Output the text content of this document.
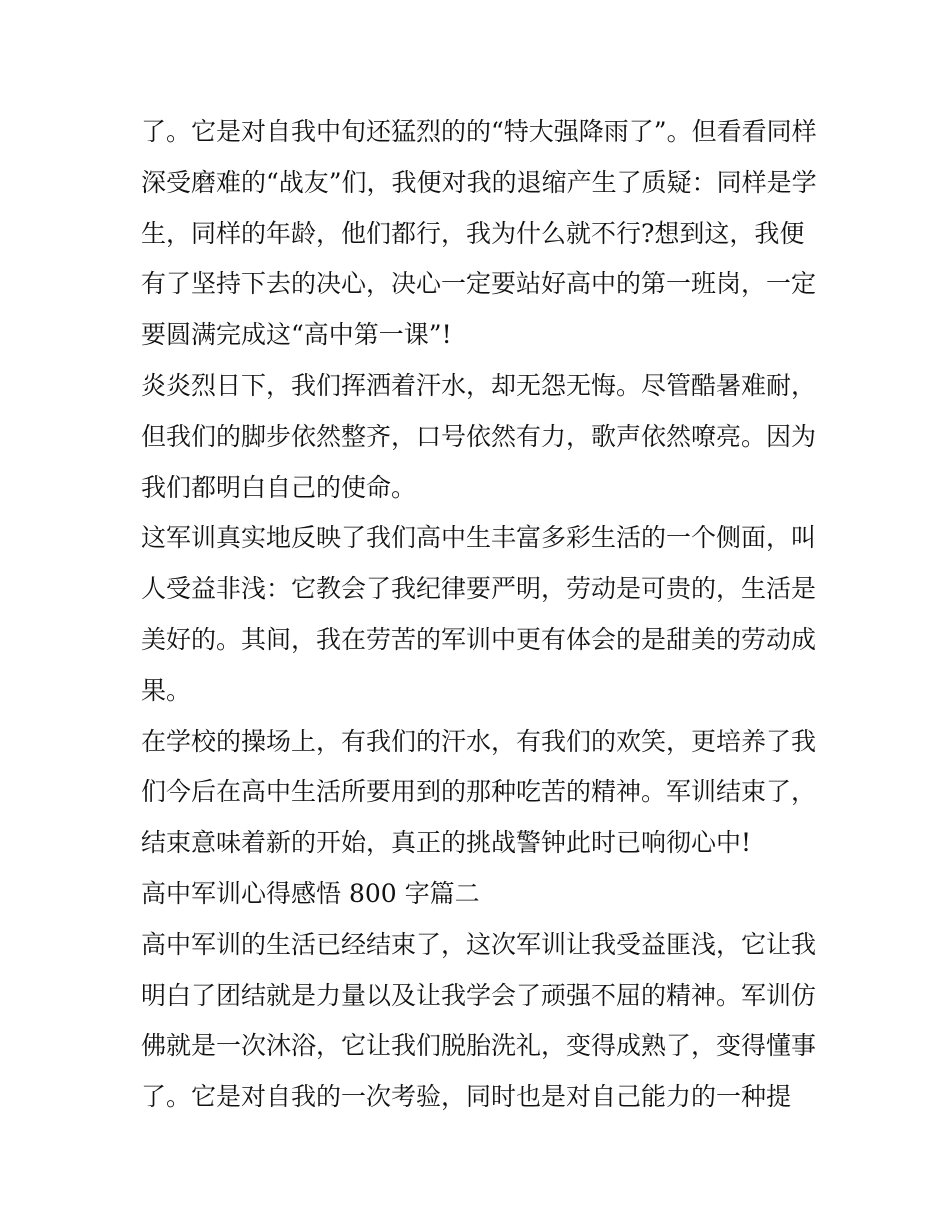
了。它是对自我中旬还猛烈的的“特大强降雨了”。但看看同样
深受磨难的“战友”们，我便对我的退缩产生了质疑：同样是学
生，同样的年龄，他们都行，我为什么就不行?想到这，我便
有了坚持下去的决心，决心一定要站好高中的第一班岗，一定
要圆满完成这“高中第一课”!

炎炎烈日下，我们挥洒着汗水，却无怨无悔。尽管酷暑难耐，
但我们的脚步依然整齐，口号依然有力，歌声依然嘹亮。因为
我们都明白自己的使命。

这军训真实地反映了我们高中生丰富多彩生活的一个侧面，叫
人受益非浅：它教会了我纪律要严明，劳动是可贵的，生活是
美好的。其间，我在劳苦的军训中更有体会的是甜美的劳动成
果。

在学校的操场上，有我们的汗水，有我们的欢笑，更培养了我
们今后在高中生活所要用到的那种吃苦的精神。军训结束了，
结束意味着新的开始，真正的挑战警钟此时已响彻心中!

高中军训心得感悟 800 字篇二

高中军训的生活已经结束了，这次军训让我受益匪浅，它让我
明白了团结就是力量以及让我学会了顽强不屈的精神。军训仿
佛就是一次沐浴，它让我们脱胎洗礼，变得成熟了，变得懂事
了。它是对自我的一次考验，同时也是对自己能力的一种提
